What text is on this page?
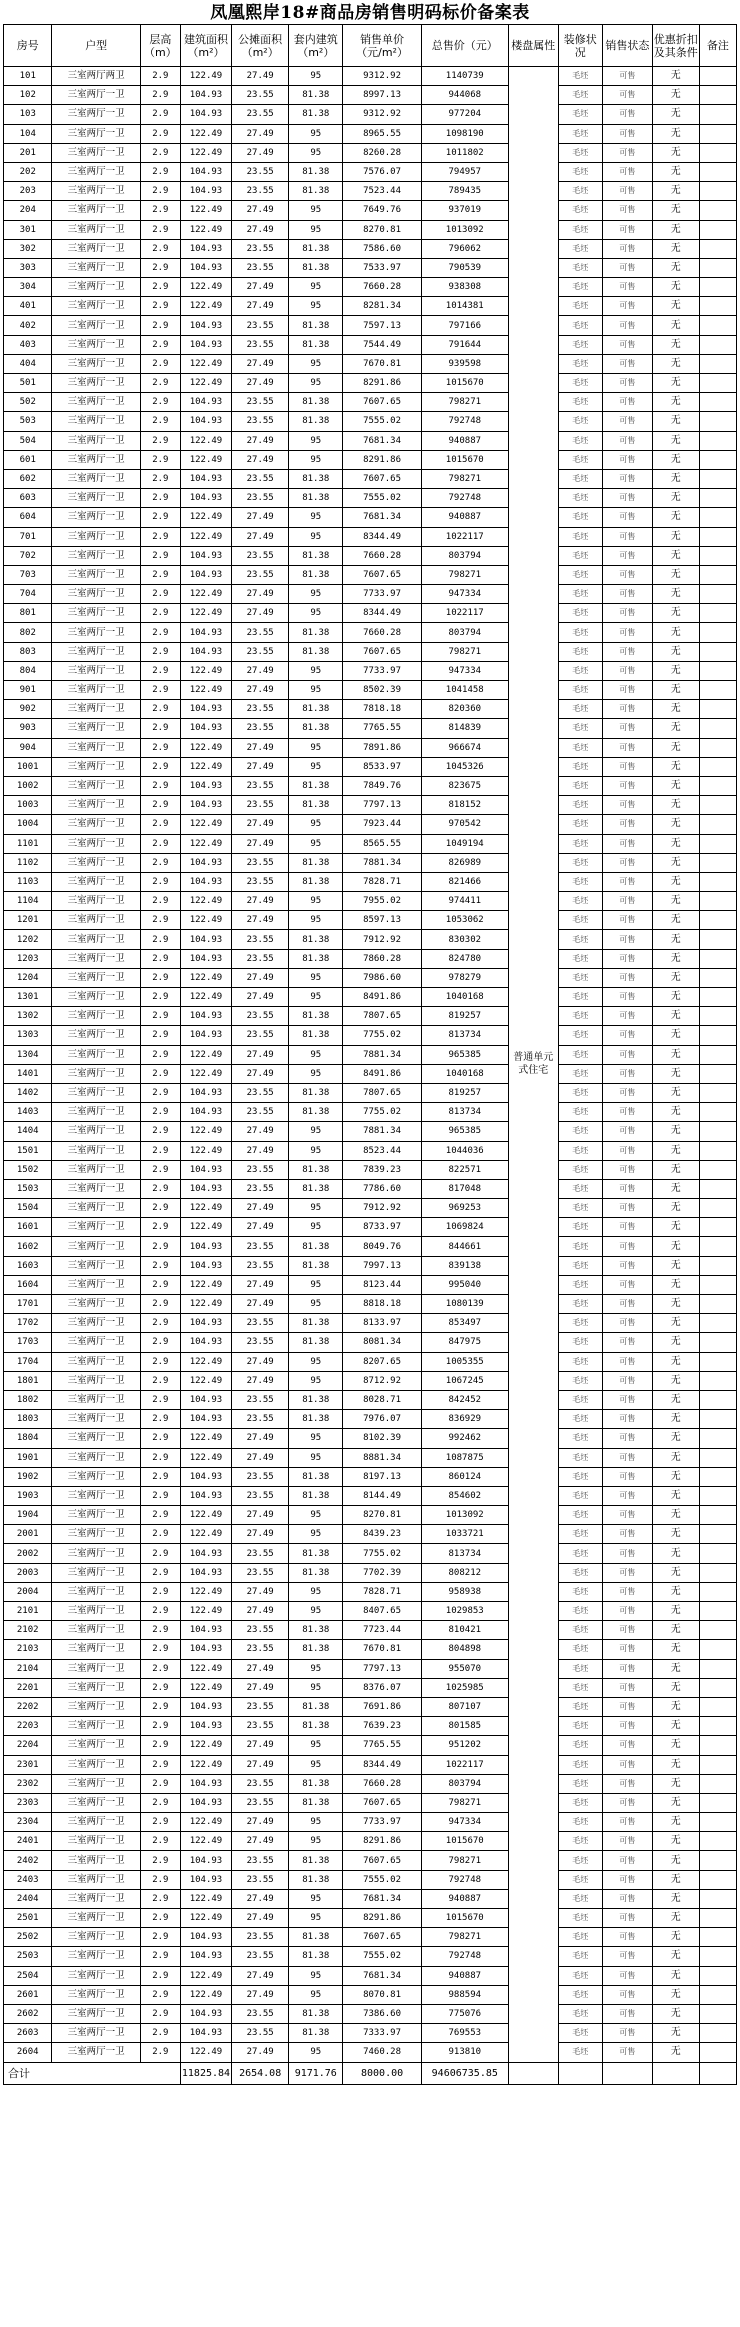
凤凰熙岸18#商品房销售明码标价备案表
房号	户型	层高（m）	建筑面积（m²）	公摊面积（m²）	套内建筑（m²）	销售单价（元/m²）	总售价（元）	楼盘属性	装修状况	销售状态	优惠折扣及其条件	备注
101	三室两厅两卫	2.9	122.49	27.49	95	9312.92	1140739	普通单元式住宅	毛坯	可售	无	
102	三室两厅一卫	2.9	104.93	23.55	81.38	8997.13	944068		毛坯	可售	无	
103	三室两厅一卫	2.9	104.93	23.55	81.38	9312.92	977204		毛坯	可售	无	
104	三室两厅一卫	2.9	122.49	27.49	95	8965.55	1098190		毛坯	可售	无	
201	三室两厅一卫	2.9	122.49	27.49	95	8260.28	1011802		毛坯	可售	无	
202	三室两厅一卫	2.9	104.93	23.55	81.38	7576.07	794957		毛坯	可售	无	
203	三室两厅一卫	2.9	104.93	23.55	81.38	7523.44	789435		毛坯	可售	无	
204	三室两厅一卫	2.9	122.49	27.49	95	7649.76	937019		毛坯	可售	无	
301	三室两厅一卫	2.9	122.49	27.49	95	8270.81	1013092		毛坯	可售	无	
302	三室两厅一卫	2.9	104.93	23.55	81.38	7586.60	796062		毛坯	可售	无	
303	三室两厅一卫	2.9	104.93	23.55	81.38	7533.97	790539		毛坯	可售	无	
304	三室两厅一卫	2.9	122.49	27.49	95	7660.28	938308		毛坯	可售	无	
401	三室两厅一卫	2.9	122.49	27.49	95	8281.34	1014381		毛坯	可售	无	
402	三室两厅一卫	2.9	104.93	23.55	81.38	7597.13	797166		毛坯	可售	无	
403	三室两厅一卫	2.9	104.93	23.55	81.38	7544.49	791644		毛坯	可售	无	
404	三室两厅一卫	2.9	122.49	27.49	95	7670.81	939598		毛坯	可售	无	
501	三室两厅一卫	2.9	122.49	27.49	95	8291.86	1015670		毛坯	可售	无	
502	三室两厅一卫	2.9	104.93	23.55	81.38	7607.65	798271		毛坯	可售	无	
503	三室两厅一卫	2.9	104.93	23.55	81.38	7555.02	792748		毛坯	可售	无	
504	三室两厅一卫	2.9	122.49	27.49	95	7681.34	940887		毛坯	可售	无	
601	三室两厅一卫	2.9	122.49	27.49	95	8291.86	1015670		毛坯	可售	无	
602	三室两厅一卫	2.9	104.93	23.55	81.38	7607.65	798271		毛坯	可售	无	
603	三室两厅一卫	2.9	104.93	23.55	81.38	7555.02	792748		毛坯	可售	无	
604	三室两厅一卫	2.9	122.49	27.49	95	7681.34	940887		毛坯	可售	无	
701	三室两厅一卫	2.9	122.49	27.49	95	8344.49	1022117		毛坯	可售	无	
702	三室两厅一卫	2.9	104.93	23.55	81.38	7660.28	803794		毛坯	可售	无	
703	三室两厅一卫	2.9	104.93	23.55	81.38	7607.65	798271		毛坯	可售	无	
704	三室两厅一卫	2.9	122.49	27.49	95	7733.97	947334		毛坯	可售	无	
801	三室两厅一卫	2.9	122.49	27.49	95	8344.49	1022117		毛坯	可售	无	
802	三室两厅一卫	2.9	104.93	23.55	81.38	7660.28	803794		毛坯	可售	无	
803	三室两厅一卫	2.9	104.93	23.55	81.38	7607.65	798271		毛坯	可售	无	
804	三室两厅一卫	2.9	122.49	27.49	95	7733.97	947334		毛坯	可售	无	
901	三室两厅一卫	2.9	122.49	27.49	95	8502.39	1041458		毛坯	可售	无	
902	三室两厅一卫	2.9	104.93	23.55	81.38	7818.18	820360		毛坯	可售	无	
903	三室两厅一卫	2.9	104.93	23.55	81.38	7765.55	814839		毛坯	可售	无	
904	三室两厅一卫	2.9	122.49	27.49	95	7891.86	966674		毛坯	可售	无	
1001	三室两厅一卫	2.9	122.49	27.49	95	8533.97	1045326		毛坯	可售	无	
1002	三室两厅一卫	2.9	104.93	23.55	81.38	7849.76	823675		毛坯	可售	无	
1003	三室两厅一卫	2.9	104.93	23.55	81.38	7797.13	818152		毛坯	可售	无	
1004	三室两厅一卫	2.9	122.49	27.49	95	7923.44	970542		毛坯	可售	无	
1101	三室两厅一卫	2.9	122.49	27.49	95	8565.55	1049194		毛坯	可售	无	
1102	三室两厅一卫	2.9	104.93	23.55	81.38	7881.34	826989		毛坯	可售	无	
1103	三室两厅一卫	2.9	104.93	23.55	81.38	7828.71	821466		毛坯	可售	无	
1104	三室两厅一卫	2.9	122.49	27.49	95	7955.02	974411		毛坯	可售	无	
1201	三室两厅一卫	2.9	122.49	27.49	95	8597.13	1053062		毛坯	可售	无	
1202	三室两厅一卫	2.9	104.93	23.55	81.38	7912.92	830302		毛坯	可售	无	
1203	三室两厅一卫	2.9	104.93	23.55	81.38	7860.28	824780		毛坯	可售	无	
1204	三室两厅一卫	2.9	122.49	27.49	95	7986.60	978279		毛坯	可售	无	
1301	三室两厅一卫	2.9	122.49	27.49	95	8491.86	1040168		毛坯	可售	无	
1302	三室两厅一卫	2.9	104.93	23.55	81.38	7807.65	819257		毛坯	可售	无	
1303	三室两厅一卫	2.9	104.93	23.55	81.38	7755.02	813734		毛坯	可售	无	
1304	三室两厅一卫	2.9	122.49	27.49	95	7881.34	965385		毛坯	可售	无	
1401	三室两厅一卫	2.9	122.49	27.49	95	8491.86	1040168		毛坯	可售	无	
1402	三室两厅一卫	2.9	104.93	23.55	81.38	7807.65	819257		毛坯	可售	无	
1403	三室两厅一卫	2.9	104.93	23.55	81.38	7755.02	813734		毛坯	可售	无	
1404	三室两厅一卫	2.9	122.49	27.49	95	7881.34	965385		毛坯	可售	无	
1501	三室两厅一卫	2.9	122.49	27.49	95	8523.44	1044036		毛坯	可售	无	
1502	三室两厅一卫	2.9	104.93	23.55	81.38	7839.23	822571		毛坯	可售	无	
1503	三室两厅一卫	2.9	104.93	23.55	81.38	7786.60	817048		毛坯	可售	无	
1504	三室两厅一卫	2.9	122.49	27.49	95	7912.92	969253		毛坯	可售	无	
1601	三室两厅一卫	2.9	122.49	27.49	95	8733.97	1069824		毛坯	可售	无	
1602	三室两厅一卫	2.9	104.93	23.55	81.38	8049.76	844661		毛坯	可售	无	
1603	三室两厅一卫	2.9	104.93	23.55	81.38	7997.13	839138		毛坯	可售	无	
1604	三室两厅一卫	2.9	122.49	27.49	95	8123.44	995040		毛坯	可售	无	
1701	三室两厅一卫	2.9	122.49	27.49	95	8818.18	1080139		毛坯	可售	无	
1702	三室两厅一卫	2.9	104.93	23.55	81.38	8133.97	853497		毛坯	可售	无	
1703	三室两厅一卫	2.9	104.93	23.55	81.38	8081.34	847975		毛坯	可售	无	
1704	三室两厅一卫	2.9	122.49	27.49	95	8207.65	1005355		毛坯	可售	无	
1801	三室两厅一卫	2.9	122.49	27.49	95	8712.92	1067245		毛坯	可售	无	
1802	三室两厅一卫	2.9	104.93	23.55	81.38	8028.71	842452		毛坯	可售	无	
1803	三室两厅一卫	2.9	104.93	23.55	81.38	7976.07	836929		毛坯	可售	无	
1804	三室两厅一卫	2.9	122.49	27.49	95	8102.39	992462		毛坯	可售	无	
1901	三室两厅一卫	2.9	122.49	27.49	95	8881.34	1087875		毛坯	可售	无	
1902	三室两厅一卫	2.9	104.93	23.55	81.38	8197.13	860124		毛坯	可售	无	
1903	三室两厅一卫	2.9	104.93	23.55	81.38	8144.49	854602		毛坯	可售	无	
1904	三室两厅一卫	2.9	122.49	27.49	95	8270.81	1013092		毛坯	可售	无	
2001	三室两厅一卫	2.9	122.49	27.49	95	8439.23	1033721		毛坯	可售	无	
2002	三室两厅一卫	2.9	104.93	23.55	81.38	7755.02	813734		毛坯	可售	无	
2003	三室两厅一卫	2.9	104.93	23.55	81.38	7702.39	808212		毛坯	可售	无	
2004	三室两厅一卫	2.9	122.49	27.49	95	7828.71	958938		毛坯	可售	无	
2101	三室两厅一卫	2.9	122.49	27.49	95	8407.65	1029853		毛坯	可售	无	
2102	三室两厅一卫	2.9	104.93	23.55	81.38	7723.44	810421		毛坯	可售	无	
2103	三室两厅一卫	2.9	104.93	23.55	81.38	7670.81	804898		毛坯	可售	无	
2104	三室两厅一卫	2.9	122.49	27.49	95	7797.13	955070		毛坯	可售	无	
2201	三室两厅一卫	2.9	122.49	27.49	95	8376.07	1025985		毛坯	可售	无	
2202	三室两厅一卫	2.9	104.93	23.55	81.38	7691.86	807107		毛坯	可售	无	
2203	三室两厅一卫	2.9	104.93	23.55	81.38	7639.23	801585		毛坯	可售	无	
2204	三室两厅一卫	2.9	122.49	27.49	95	7765.55	951202		毛坯	可售	无	
2301	三室两厅一卫	2.9	122.49	27.49	95	8344.49	1022117		毛坯	可售	无	
2302	三室两厅一卫	2.9	104.93	23.55	81.38	7660.28	803794		毛坯	可售	无	
2303	三室两厅一卫	2.9	104.93	23.55	81.38	7607.65	798271		毛坯	可售	无	
2304	三室两厅一卫	2.9	122.49	27.49	95	7733.97	947334		毛坯	可售	无	
2401	三室两厅一卫	2.9	122.49	27.49	95	8291.86	1015670		毛坯	可售	无	
2402	三室两厅一卫	2.9	104.93	23.55	81.38	7607.65	798271		毛坯	可售	无	
2403	三室两厅一卫	2.9	104.93	23.55	81.38	7555.02	792748		毛坯	可售	无	
2404	三室两厅一卫	2.9	122.49	27.49	95	7681.34	940887		毛坯	可售	无	
2501	三室两厅一卫	2.9	122.49	27.49	95	8291.86	1015670		毛坯	可售	无	
2502	三室两厅一卫	2.9	104.93	23.55	81.38	7607.65	798271		毛坯	可售	无	
2503	三室两厅一卫	2.9	104.93	23.55	81.38	7555.02	792748		毛坯	可售	无	
2504	三室两厅一卫	2.9	122.49	27.49	95	7681.34	940887		毛坯	可售	无	
2601	三室两厅一卫	2.9	122.49	27.49	95	8070.81	988594		毛坯	可售	无	
2602	三室两厅一卫	2.9	104.93	23.55	81.38	7386.60	775076		毛坯	可售	无	
2603	三室两厅一卫	2.9	104.93	23.55	81.38	7333.97	769553		毛坯	可售	无	
2604	三室两厅一卫	2.9	122.49	27.49	95	7460.28	913810		毛坯	可售	无	
合计			11825.84	2654.08	9171.76	8000.00	94606735.85					
